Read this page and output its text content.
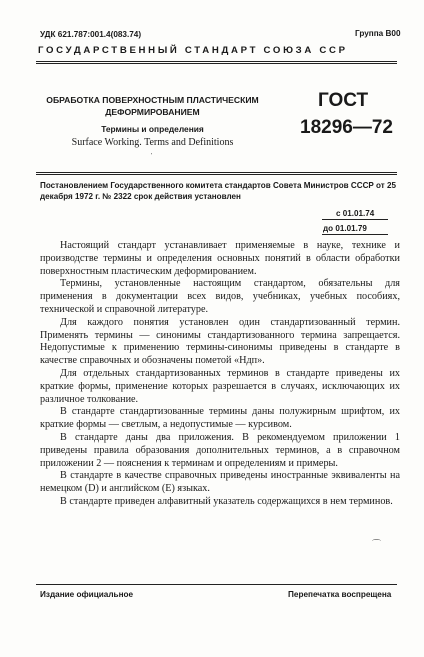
УДК 621.787:001.4(083.74)	Группа В00
ГОСУДАРСТВЕННЫЙ СТАНДАРТ СОЮЗА ССР
ОБРАБОТКА ПОВЕРХНОСТНЫМ ПЛАСТИЧЕСКИМ ДЕФОРМИРОВАНИЕМ
Термины и определения
Surface Working. Terms and Definitions
ГОСТ
18296—72
'
Постановлением Государственного комитета стандартов Совета Министров СССР от 25 декабря 1972 г. № 2322 срок действия установлен
с 01.01.74
до 01.01.79

Настоящий стандарт устанавливает применяемые в науке, технике и производстве термины и определения основных понятий в области обработки поверхностным пластическим деформированием.

Термины, установленные настоящим стандартом, обязательны для применения в документации всех видов, учебниках, учебных пособиях, технической и справочной литературе.

Для каждого понятия установлен один стандартизованный термин. Применять термины — синонимы стандартизованного термина запрещается. Недопустимые к применению термины-синонимы приведены в стандарте в качестве справочных и обозначены пометой «Ндп».

Для отдельных стандартизованных терминов в стандарте приведены их краткие формы, применение которых разрешается в случаях, исключающих их различное толкование.

В стандарте стандартизованные термины даны полужирным шрифтом, их краткие формы — светлым, а недопустимые — курсивом.

В стандарте даны два приложения. В рекомендуемом приложении 1 приведены правила образования дополнительных терминов, а в справочном приложении 2 — пояснения к терминам и определениям и примеры.

В стандарте в качестве справочных приведены иностранные эквиваленты на немецком (D) и английском (Е) языках.

В стандарте приведен алфавитный указатель содержащихся в нем терминов.

⌒
Издание официальное	Перепечатка воспрещена
